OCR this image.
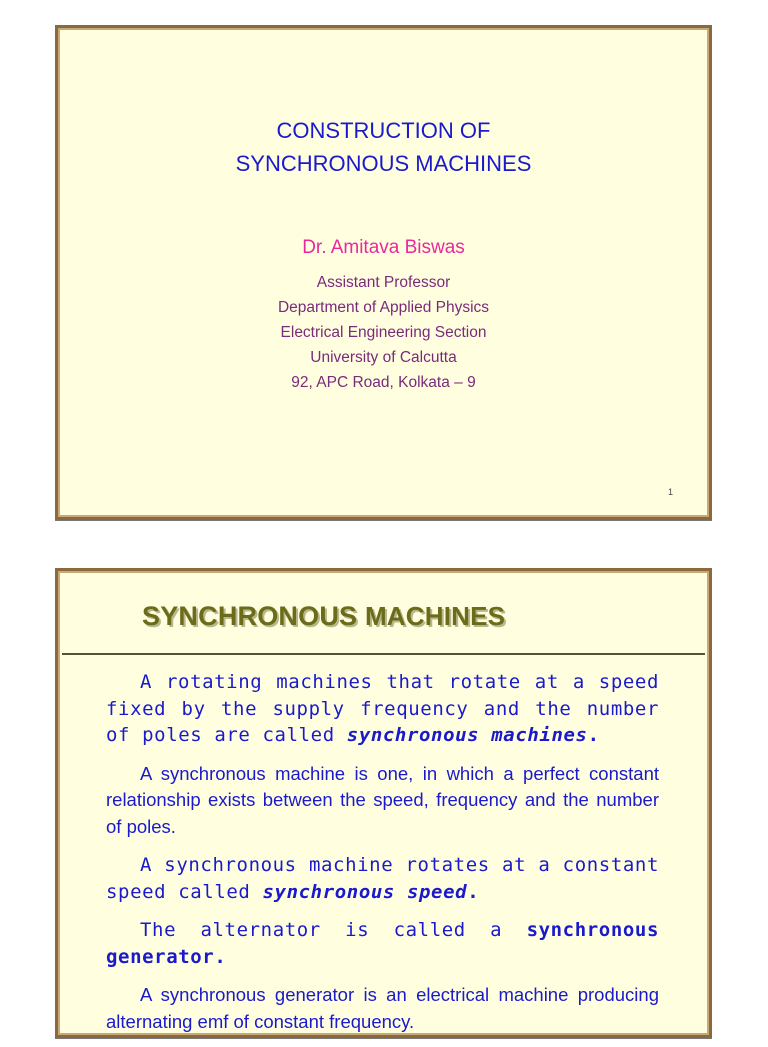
CONSTRUCTION OF
SYNCHRONOUS MACHINES
Dr. Amitava Biswas
Assistant Professor
Department of Applied Physics
Electrical Engineering Section
University of Calcutta
92, APC Road, Kolkata – 9
1
SYNCHRONOUS MACHINES

A rotating machines that rotate at a speed fixed by the supply frequency and the number of poles are called synchronous machines.

A synchronous machine is one, in which a perfect constant relationship exists between the speed, frequency and the number of poles.

A synchronous machine rotates at a constant speed called synchronous speed.

The alternator is called a synchronous generator.

A synchronous generator is an electrical machine producing alternating emf of constant frequency.
